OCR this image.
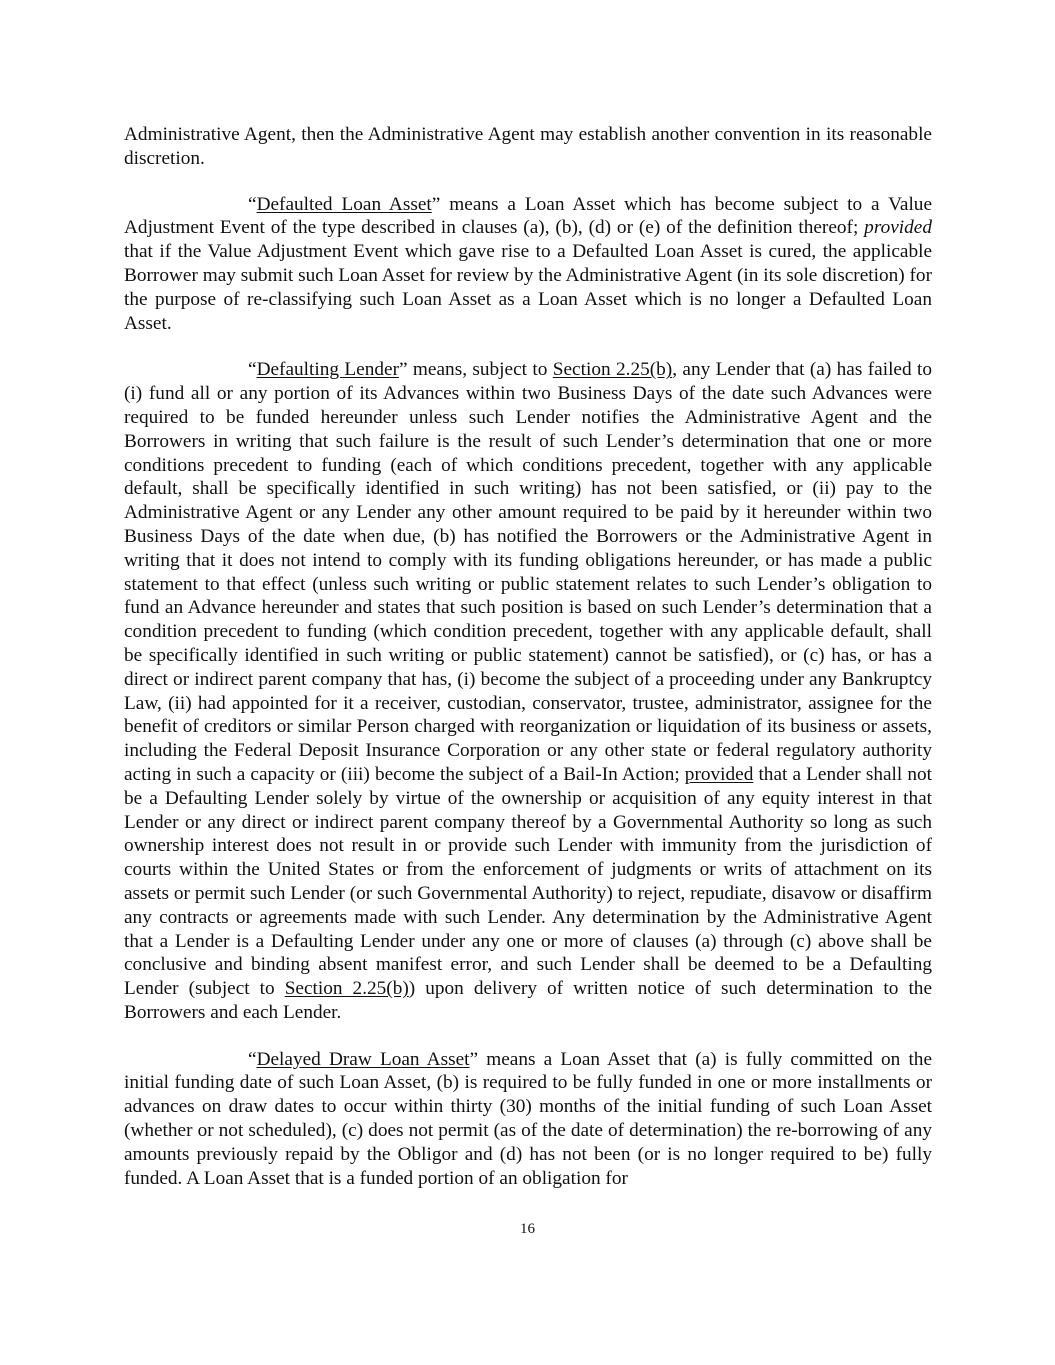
Administrative Agent, then the Administrative Agent may establish another convention in its reasonable discretion.

“Defaulted Loan Asset” means a Loan Asset which has become subject to a Value Adjustment Event of the type described in clauses (a), (b), (d) or (e) of the definition thereof; provided that if the Value Adjustment Event which gave rise to a Defaulted Loan Asset is cured, the applicable Borrower may submit such Loan Asset for review by the Administrative Agent (in its sole discretion) for the purpose of re-classifying such Loan Asset as a Loan Asset which is no longer a Defaulted Loan Asset.

“Defaulting Lender” means, subject to Section 2.25(b), any Lender that (a) has failed to (i) fund all or any portion of its Advances within two Business Days of the date such Advances were required to be funded hereunder unless such Lender notifies the Administrative Agent and the Borrowers in writing that such failure is the result of such Lender’s determination that one or more conditions precedent to funding (each of which conditions precedent, together with any applicable default, shall be specifically identified in such writing) has not been satisfied, or (ii) pay to the Administrative Agent or any Lender any other amount required to be paid by it hereunder within two Business Days of the date when due, (b) has notified the Borrowers or the Administrative Agent in writing that it does not intend to comply with its funding obligations hereunder, or has made a public statement to that effect (unless such writing or public statement relates to such Lender’s obligation to fund an Advance hereunder and states that such position is based on such Lender’s determination that a condition precedent to funding (which condition precedent, together with any applicable default, shall be specifically identified in such writing or public statement) cannot be satisfied), or (c) has, or has a direct or indirect parent company that has, (i) become the subject of a proceeding under any Bankruptcy Law, (ii) had appointed for it a receiver, custodian, conservator, trustee, administrator, assignee for the benefit of creditors or similar Person charged with reorganization or liquidation of its business or assets, including the Federal Deposit Insurance Corporation or any other state or federal regulatory authority acting in such a capacity or (iii) become the subject of a Bail-In Action; provided that a Lender shall not be a Defaulting Lender solely by virtue of the ownership or acquisition of any equity interest in that Lender or any direct or indirect parent company thereof by a Governmental Authority so long as such ownership interest does not result in or provide such Lender with immunity from the jurisdiction of courts within the United States or from the enforcement of judgments or writs of attachment on its assets or permit such Lender (or such Governmental Authority) to reject, repudiate, disavow or disaffirm any contracts or agreements made with such Lender. Any determination by the Administrative Agent that a Lender is a Defaulting Lender under any one or more of clauses (a) through (c) above shall be conclusive and binding absent manifest error, and such Lender shall be deemed to be a Defaulting Lender (subject to Section 2.25(b)) upon delivery of written notice of such determination to the Borrowers and each Lender.

“Delayed Draw Loan Asset” means a Loan Asset that (a) is fully committed on the initial funding date of such Loan Asset, (b) is required to be fully funded in one or more installments or advances on draw dates to occur within thirty (30) months of the initial funding of such Loan Asset (whether or not scheduled), (c) does not permit (as of the date of determination) the re-borrowing of any amounts previously repaid by the Obligor and (d) has not been (or is no longer required to be) fully funded. A Loan Asset that is a funded portion of an obligation for

16
